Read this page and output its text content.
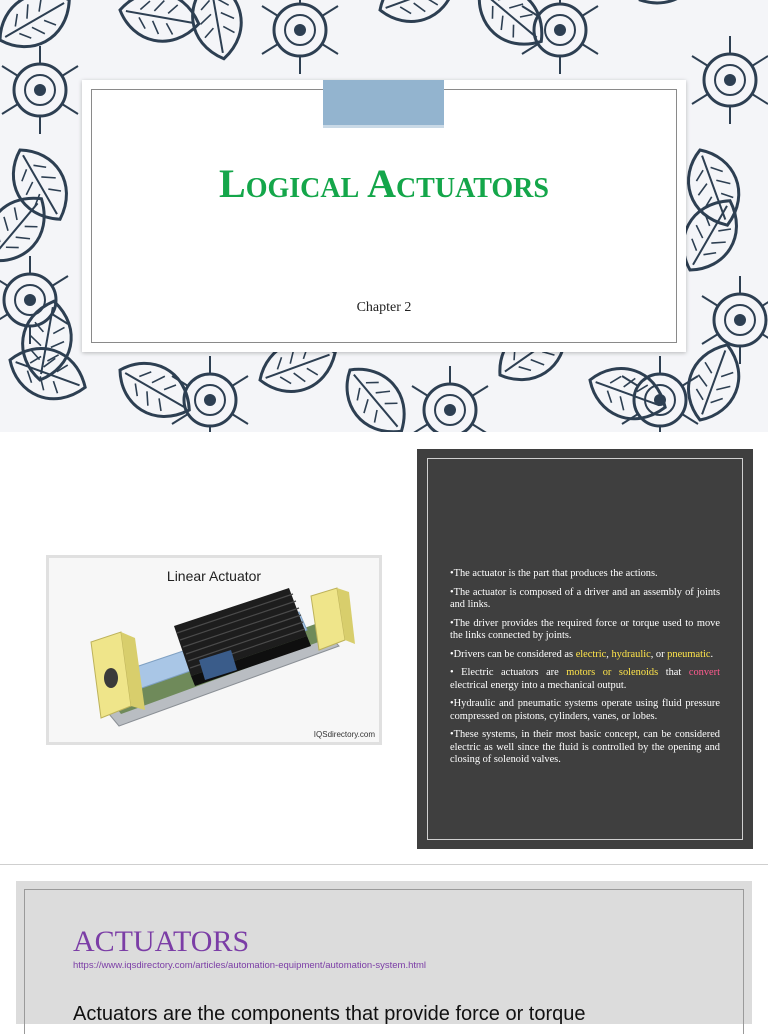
Logical Actuators
Chapter 2
Linear Actuator
IQSdirectory.com

•The actuator is the part that produces the actions.

•The actuator is composed of a driver and an assembly of joints and links.

•The driver provides the required force or torque used to move the links connected by joints.

•Drivers can be considered as electric, hydraulic, or pneumatic.

• Electric actuators are motors or solenoids that convert electrical energy into a mechanical output.

•Hydraulic and pneumatic systems operate using fluid pressure compressed on pistons, cylinders, vanes, or lobes.

•These systems, in their most basic concept, can be considered electric as well since the fluid is controlled by the opening and closing of solenoid valves.

ACTUATORS
https://www.iqsdirectory.com/articles/automation-equipment/automation-system.html
Actuators are the components that provide force or torque
